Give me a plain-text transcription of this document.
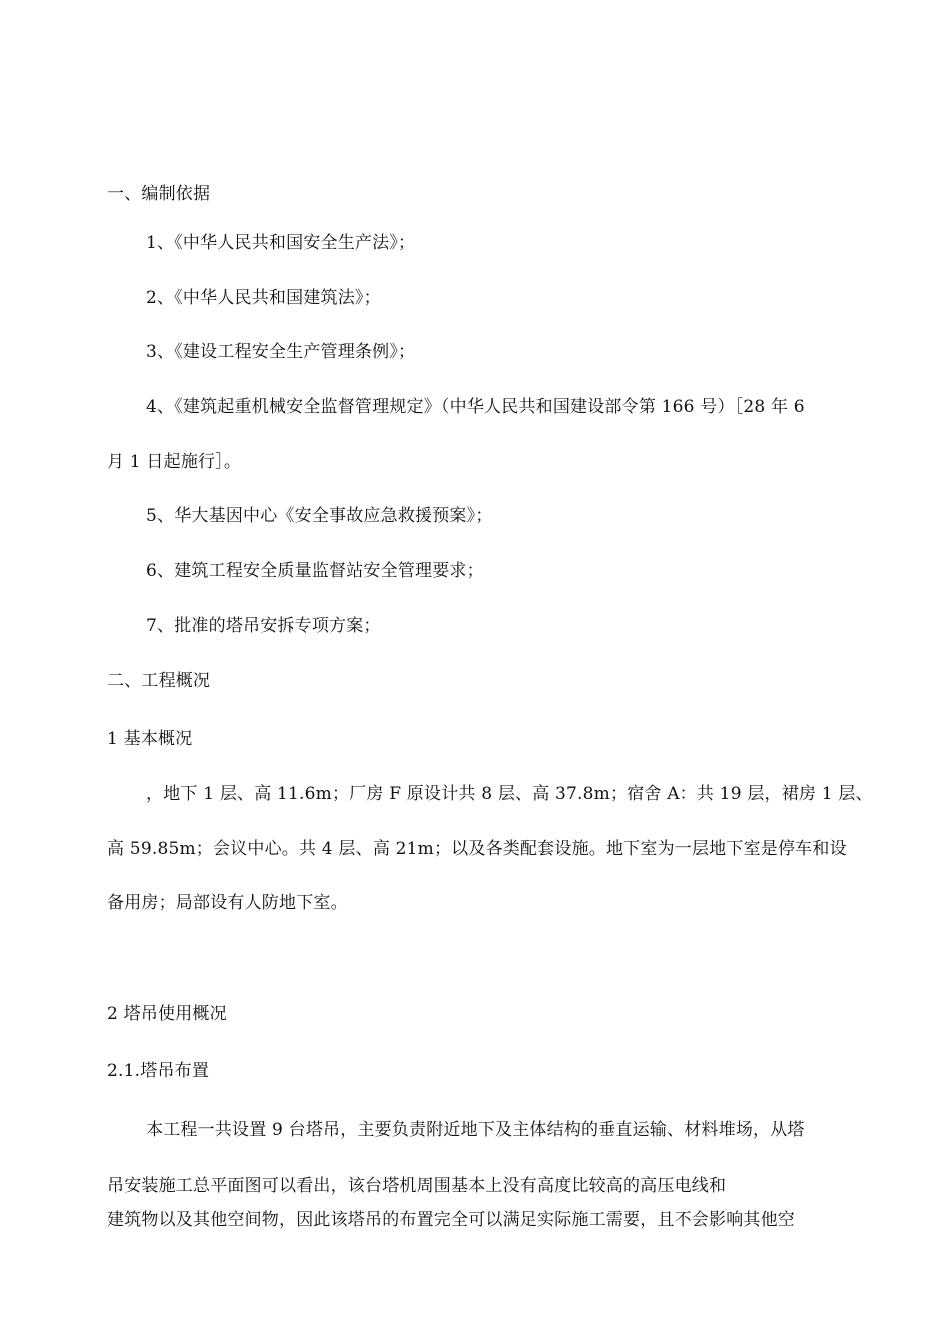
一、编制依据
1、《中华人民共和国安全生产法》；
2、《中华人民共和国建筑法》；
3、《建设工程安全生产管理条例》；
4、《建筑起重机械安全监督管理规定》（中华人民共和国建设部令第 166 号）［28 年 6
月 1 日起施行］。
5、华大基因中心《安全事故应急救援预案》；
6、建筑工程安全质量监督站安全管理要求；
7、批准的塔吊安拆专项方案；
二、工程概况
1 基本概况
，地下 1 层、高 11.6m；厂房 F 原设计共 8 层、高 37.8m；宿舍 A：共 19 层，裙房 1 层、
高 59.85m；会议中心。共 4 层、高 21m；以及各类配套设施。地下室为一层地下室是停车和设
备用房；局部设有人防地下室。
2 塔吊使用概况
2.1.塔吊布置
本工程一共设置 9 台塔吊，主要负责附近地下及主体结构的垂直运输、材料堆场，从塔
吊安装施工总平面图可以看出，该台塔机周围基本上没有高度比较高的高压电线和
建筑物以及其他空间物，因此该塔吊的布置完全可以满足实际施工需要，且不会影响其他空
